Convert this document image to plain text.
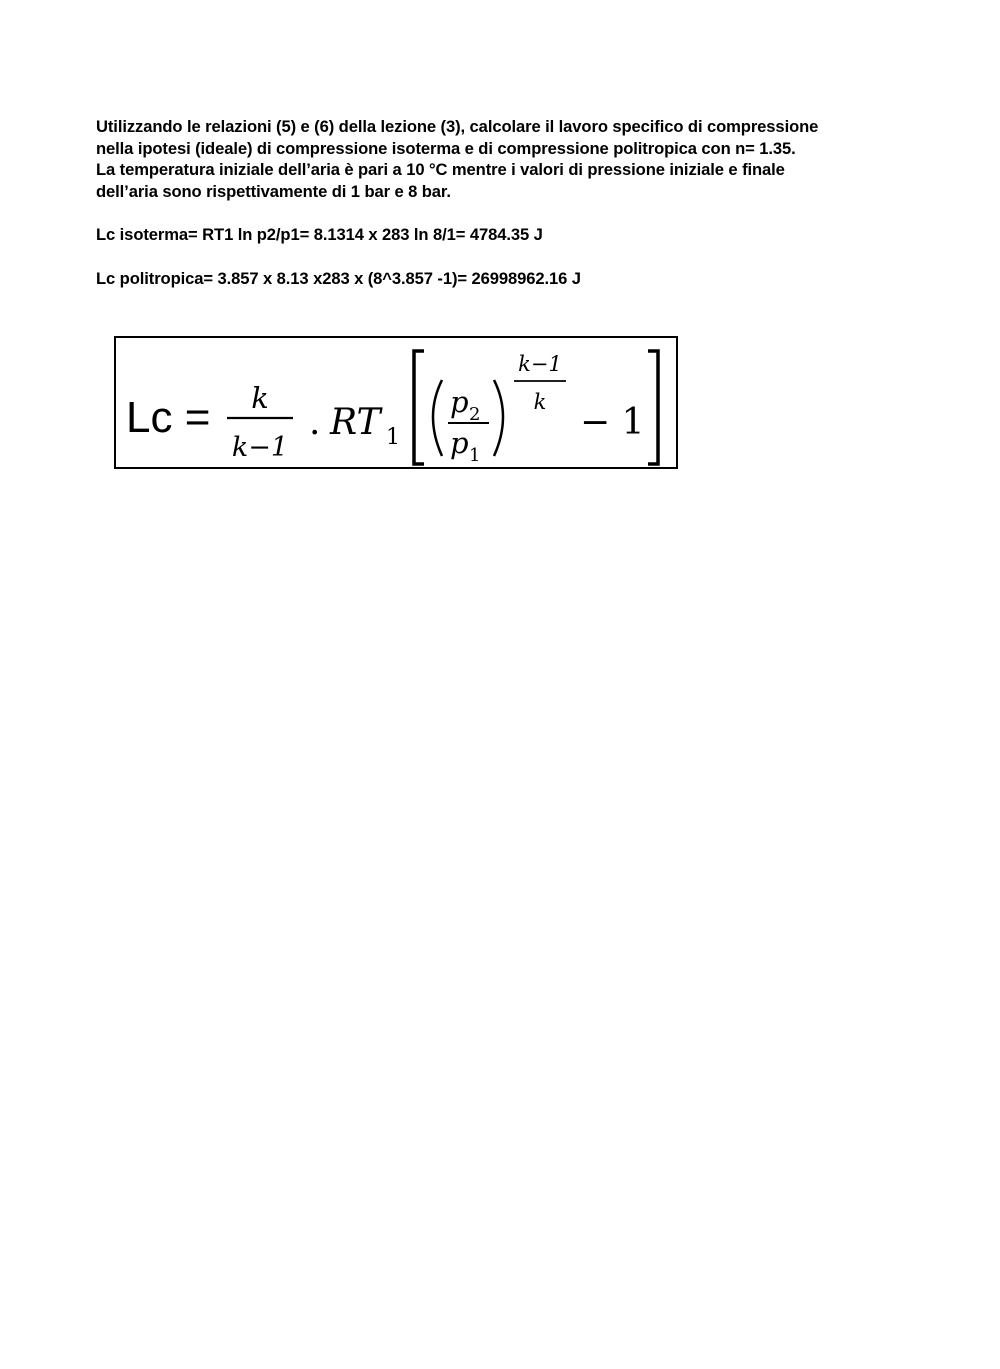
Utilizzando le relazioni (5) e (6) della lezione (3), calcolare il lavoro specifico di compressione
nella ipotesi (ideale) di compressione isoterma e di compressione politropica con n= 1.35.
La temperatura iniziale dell’aria è pari a 10 °C mentre i valori di pressione iniziale e finale
dell’aria sono rispettivamente di 1 bar e 8 bar.
Lc isoterma= RT1 ln p2/p1= 8.1314 x 283 ln 8/1= 4784.35 J
Lc politropica= 3.857 x 8.13 x283 x (8^3.857 -1)= 26998962.16 J
Lc = k
k−1
. RT 1
p 2
p 1
k−1
k − 1
